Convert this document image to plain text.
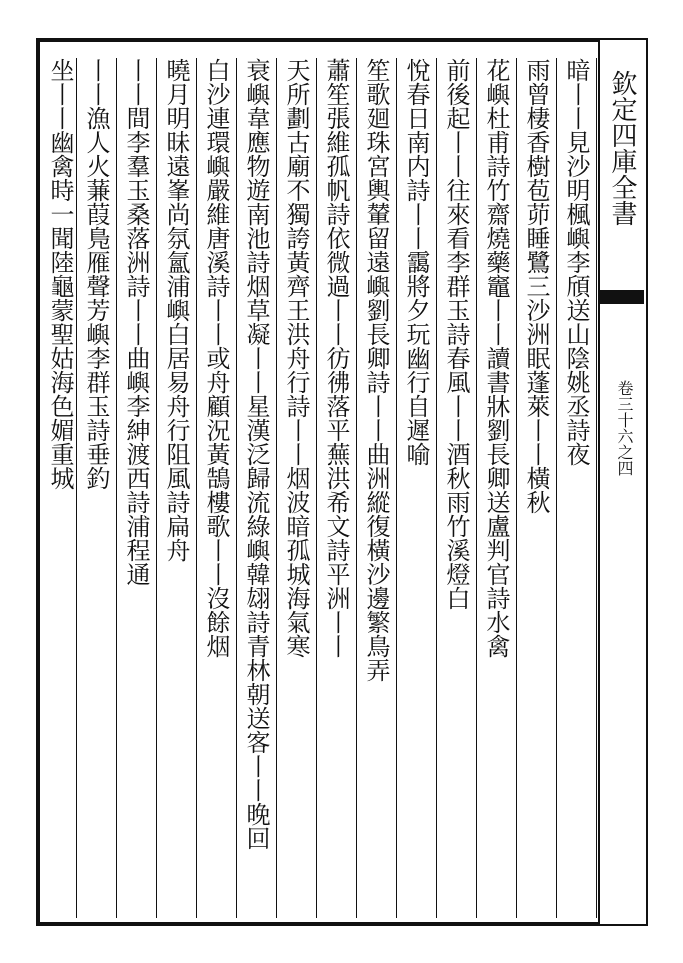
欽定四庫全書
卷三十六之四
暗丨丨見沙明楓嶼李頎送山陰姚丞詩夜
雨曾棲香樹苞茆睡鷺三沙洲眠蓬萊丨丨橫秋
花嶼杜甫詩竹齋燒藥竈丨丨讀書牀劉長卿送盧判官詩水禽
前後起丨丨往來看李群玉詩春風丨丨酒秋雨竹溪燈白
悅春日南内詩丨丨靄將夕玩幽行自遲喻
笙歌廻珠宮輿輦留遠嶼劉長卿詩丨丨曲洲縱復橫沙邊繁鳥弄
蕭笙張維孤帆詩依微過丨丨彷彿落平蕪洪希文詩平洲丨丨
天所劃古廟不獨誇黃齊王洪舟行詩丨丨烟波暗孤城海氣寒
衰嶼韋應物遊南池詩烟草凝丨丨星漢泛歸流綠嶼韓翃詩青林朝送客丨丨晚回
白沙連環嶼嚴維唐溪詩丨丨或舟顧況黃鵠樓歌丨丨沒餘烟
曉月明昧遠峯尚氛氳浦嶼白居易舟行阻風詩扁舟
丨丨間李羣玉桑落洲詩丨丨曲嶼李紳渡西詩浦程通
丨丨漁人火蒹葭鳬雁聲芳嶼李群玉詩垂釣
坐丨丨幽禽時一聞陸龜蒙聖姑海色媚重城
